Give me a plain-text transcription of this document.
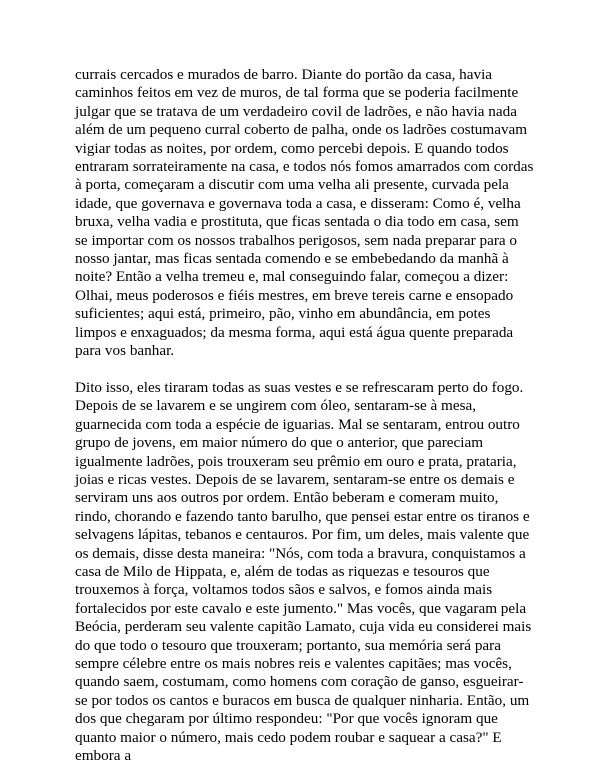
currais cercados e murados de barro. Diante do portão da casa, havia caminhos feitos em vez de muros, de tal forma que se poderia facilmente julgar que se tratava de um verdadeiro covil de ladrões, e não havia nada além de um pequeno curral coberto de palha, onde os ladrões costumavam vigiar todas as noites, por ordem, como percebi depois. E quando todos entraram sorrateiramente na casa, e todos nós fomos amarrados com cordas à porta, começaram a discutir com uma velha ali presente, curvada pela idade, que governava e governava toda a casa, e disseram: Como é, velha bruxa, velha vadia e prostituta, que ficas sentada o dia todo em casa, sem se importar com os nossos trabalhos perigosos, sem nada preparar para o nosso jantar, mas ficas sentada comendo e se embebedando da manhã à noite? Então a velha tremeu e, mal conseguindo falar, começou a dizer: Olhai, meus poderosos e fiéis mestres, em breve tereis carne e ensopado suficientes; aqui está, primeiro, pão, vinho em abundância, em potes limpos e enxaguados; da mesma forma, aqui está água quente preparada para vos banhar.

Dito isso, eles tiraram todas as suas vestes e se refrescaram perto do fogo. Depois de se lavarem e se ungirem com óleo, sentaram-se à mesa, guarnecida com toda a espécie de iguarias. Mal se sentaram, entrou outro grupo de jovens, em maior número do que o anterior, que pareciam igualmente ladrões, pois trouxeram seu prêmio em ouro e prata, prataria, joias e ricas vestes. Depois de se lavarem, sentaram-se entre os demais e serviram uns aos outros por ordem. Então beberam e comeram muito, rindo, chorando e fazendo tanto barulho, que pensei estar entre os tiranos e selvagens lápitas, tebanos e centauros. Por fim, um deles, mais valente que os demais, disse desta maneira: "Nós, com toda a bravura, conquistamos a casa de Milo de Hippata, e, além de todas as riquezas e tesouros que trouxemos à força, voltamos todos sãos e salvos, e fomos ainda mais fortalecidos por este cavalo e este jumento." Mas vocês, que vagaram pela Beócia, perderam seu valente capitão Lamato, cuja vida eu considerei mais do que todo o tesouro que trouxeram; portanto, sua memória será para sempre célebre entre os mais nobres reis e valentes capitães; mas vocês, quando saem, costumam, como homens com coração de ganso, esgueirar-se por todos os cantos e buracos em busca de qualquer ninharia. Então, um dos que chegaram por último respondeu: "Por que vocês ignoram que quanto maior o número, mais cedo podem roubar e saquear a casa?" E embora a
